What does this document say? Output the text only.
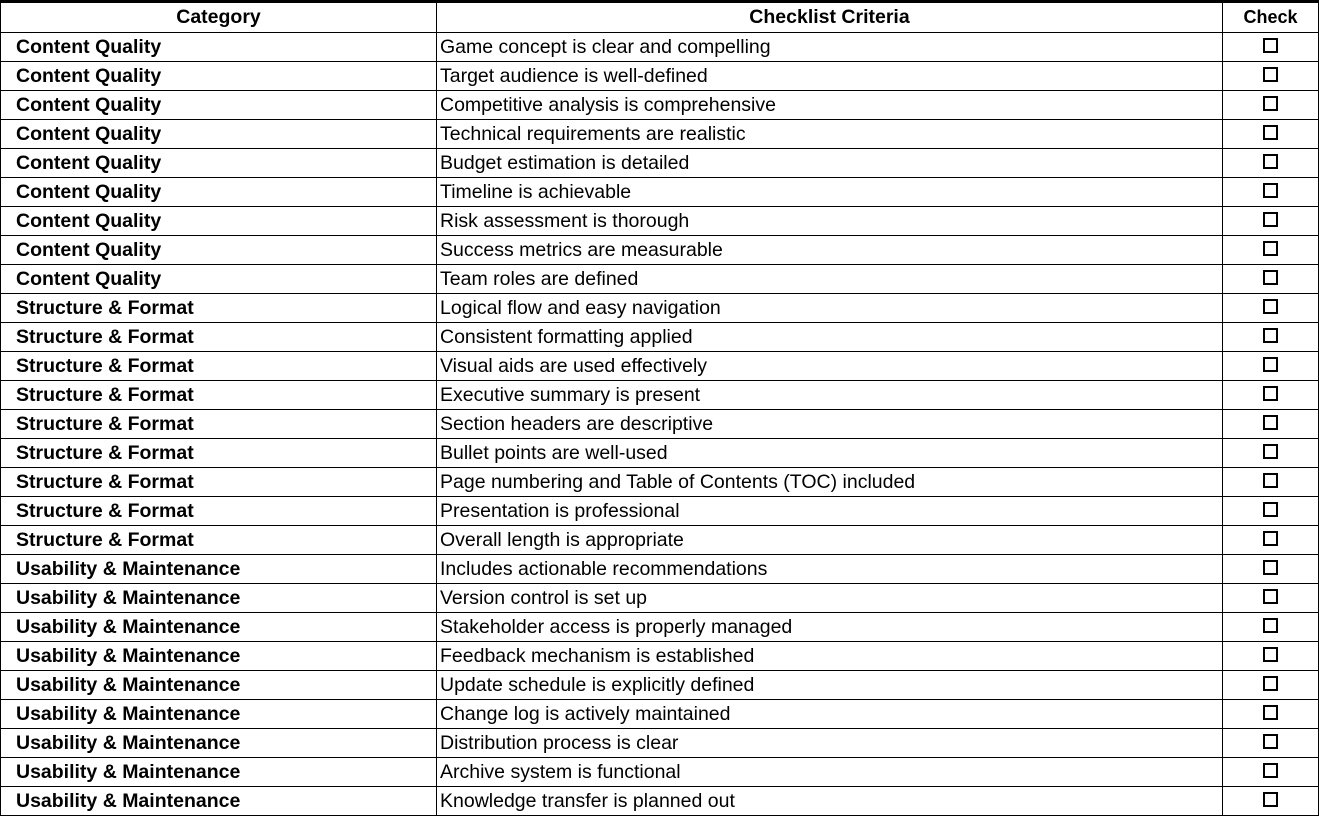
Category	Checklist Criteria	Check
Content Quality	Game concept is clear and compelling	
Content Quality	Target audience is well-defined	
Content Quality	Competitive analysis is comprehensive	
Content Quality	Technical requirements are realistic	
Content Quality	Budget estimation is detailed	
Content Quality	Timeline is achievable	
Content Quality	Risk assessment is thorough	
Content Quality	Success metrics are measurable	
Content Quality	Team roles are defined	
Structure & Format	Logical flow and easy navigation	
Structure & Format	Consistent formatting applied	
Structure & Format	Visual aids are used effectively	
Structure & Format	Executive summary is present	
Structure & Format	Section headers are descriptive	
Structure & Format	Bullet points are well-used	
Structure & Format	Page numbering and Table of Contents (TOC) included	
Structure & Format	Presentation is professional	
Structure & Format	Overall length is appropriate	
Usability & Maintenance	Includes actionable recommendations	
Usability & Maintenance	Version control is set up	
Usability & Maintenance	Stakeholder access is properly managed	
Usability & Maintenance	Feedback mechanism is established	
Usability & Maintenance	Update schedule is explicitly defined	
Usability & Maintenance	Change log is actively maintained	
Usability & Maintenance	Distribution process is clear	
Usability & Maintenance	Archive system is functional	
Usability & Maintenance	Knowledge transfer is planned out	
